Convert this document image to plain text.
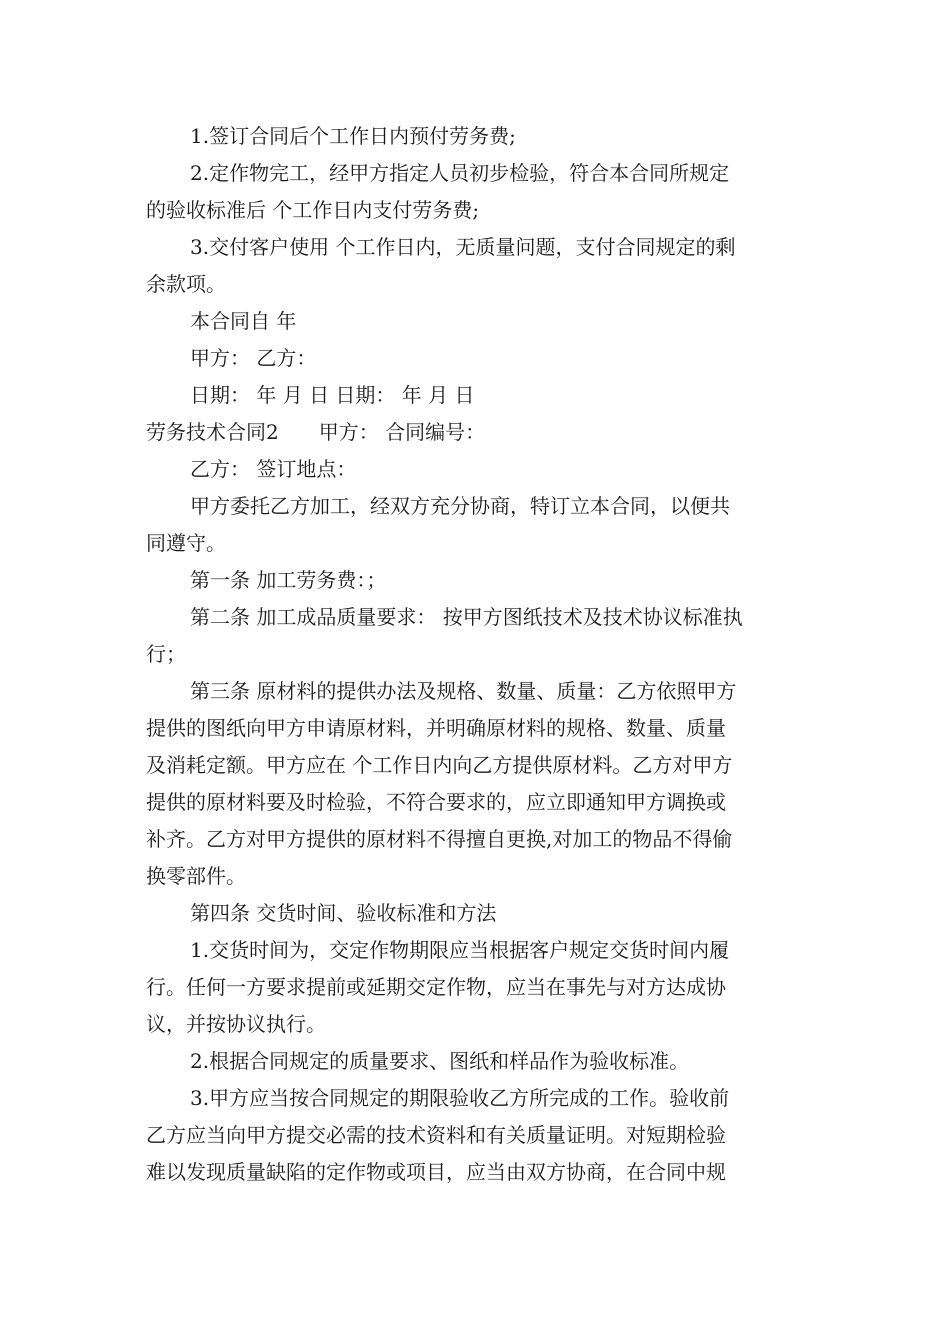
1.签订合同后个工作日内预付劳务费;
2.定作物完工，经甲方指定人员初步检验，符合本合同所规定
的验收标准后 个工作日内支付劳务费;
3.交付客户使用 个工作日内，无质量问题，支付合同规定的剩
余款项。
本合同自 年
甲方： 乙方：
日期： 年 月 日 日期： 年 月 日
劳务技术合同2　　甲方： 合同编号：
乙方： 签订地点：
甲方委托乙方加工，经双方充分协商，特订立本合同，以便共
同遵守。
第一条 加工劳务费：；
第二条 加工成品质量要求： 按甲方图纸技术及技术协议标准执
行；
第三条 原材料的提供办法及规格、数量、质量：乙方依照甲方
提供的图纸向甲方申请原材料，并明确原材料的规格、数量、质量
及消耗定额。甲方应在 个工作日内向乙方提供原材料。乙方对甲方
提供的原材料要及时检验，不符合要求的，应立即通知甲方调换或
补齐。乙方对甲方提供的原材料不得擅自更换,对加工的物品不得偷
换零部件。
第四条 交货时间、验收标准和方法
1.交货时间为，交定作物期限应当根据客户规定交货时间内履
行。任何一方要求提前或延期交定作物，应当在事先与对方达成协
议，并按协议执行。
2.根据合同规定的质量要求、图纸和样品作为验收标准。
3.甲方应当按合同规定的期限验收乙方所完成的工作。验收前
乙方应当向甲方提交必需的技术资料和有关质量证明。对短期检验
难以发现质量缺陷的定作物或项目，应当由双方协商，在合同中规
